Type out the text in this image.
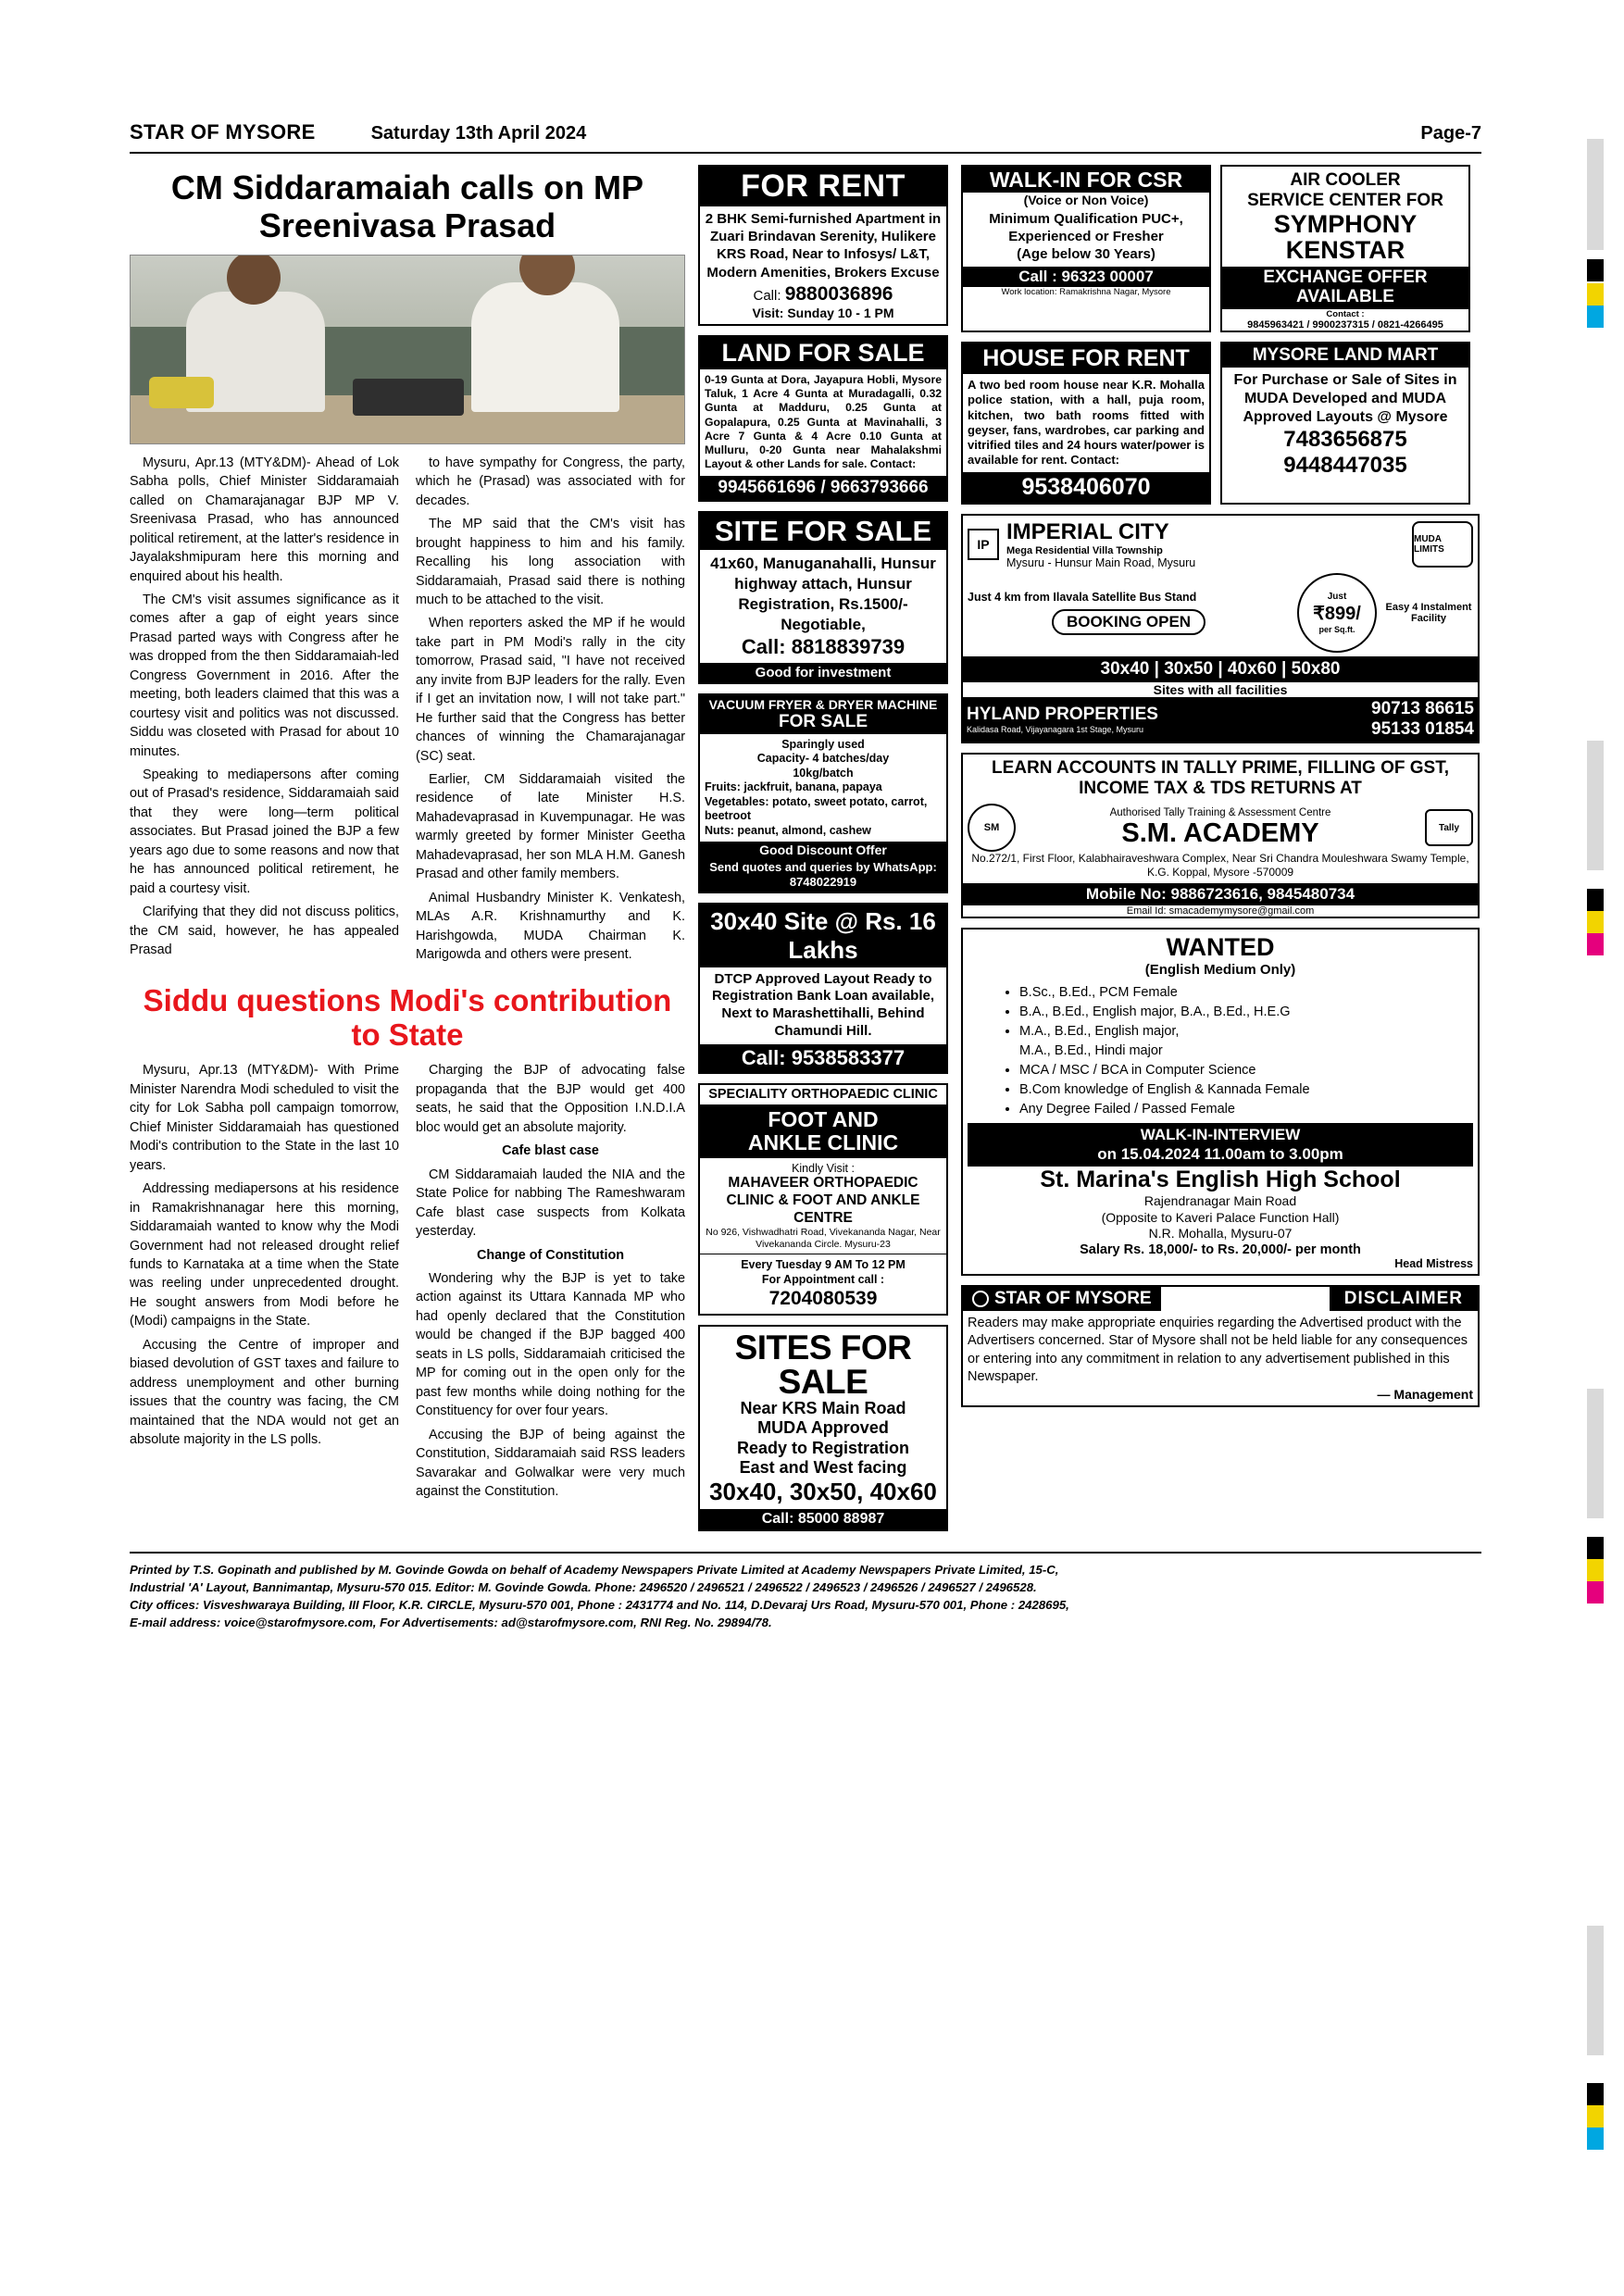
STAR OF MYSORE	Saturday 13th April 2024	Page-7
CM Siddaramaiah calls on MP Sreenivasa Prasad

Mysuru, Apr.13 (MTY&DM)- Ahead of Lok Sabha polls, Chief Minister Siddaramaiah called on Chamarajanagar BJP MP V. Sreenivasa Prasad, who has announced political retirement, at the latter's residence in Jayalakshmipuram here this morning and enquired about his health.

The CM's visit assumes significance as it comes after a gap of eight years since Prasad parted ways with Congress after he was dropped from the then Siddaramaiah-led Congress Government in 2016. After the meeting, both leaders claimed that this was a courtesy visit and politics was not discussed. Siddu was closeted with Prasad for about 10 minutes.

Speaking to mediapersons after coming out of Prasad's residence, Siddaramaiah said that they were long—term political associates. But Prasad joined the BJP a few years ago due to some reasons and now that he has announced political retirement, he paid a courtesy visit.

Clarifying that they did not discuss politics, the CM said, however, he has appealed Prasad

to have sympathy for Congress, the party, which he (Prasad) was associated with for decades.

The MP said that the CM's visit has brought happiness to him and his family. Recalling his long association with Siddaramaiah, Prasad said there is nothing much to be attached to the visit.

When reporters asked the MP if he would take part in PM Modi's rally in the city tomorrow, Prasad said, "I have not received any invite from BJP leaders for the rally. Even if I get an invitation now, I will not take part." He further said that the Congress has better chances of winning the Chamarajanagar (SC) seat.

Earlier, CM Siddaramaiah visited the residence of late Minister H.S. Mahadevaprasad in Kuvempunagar. He was warmly greeted by former Minister Geetha Mahadevaprasad, her son MLA H.M. Ganesh Prasad and other family members.

Animal Husbandry Minister K. Venkatesh, MLAs A.R. Krishnamurthy and K. Harishgowda, MUDA Chairman K. Marigowda and others were present.

Siddu questions Modi's contribution to State

Mysuru, Apr.13 (MTY&DM)- With Prime Minister Narendra Modi scheduled to visit the city for Lok Sabha poll campaign tomorrow, Chief Minister Siddaramaiah has questioned Modi's contribution to the State in the last 10 years.

Addressing mediapersons at his residence in Ramakrishnanagar here this morning, Siddaramaiah wanted to know why the Modi Government had not released drought relief funds to Karnataka at a time when the State was reeling under unprecedented drought. He sought answers from Modi before he (Modi) campaigns in the State.

Accusing the Centre of improper and biased devolution of GST taxes and failure to address unemployment and other burning issues that the country was facing, the CM maintained that the NDA would not get an absolute majority in the LS polls.

Charging the BJP of advocating false propaganda that the BJP would get 400 seats, he said that the Opposition I.N.D.I.A bloc would get an absolute majority.

Cafe blast case

CM Siddaramaiah lauded the NIA and the State Police for nabbing The Rameshwaram Cafe blast case suspects from Kolkata yesterday.

Change of Constitution

Wondering why the BJP is yet to take action against its Uttara Kannada MP who had openly declared that the Constitution would be changed if the BJP bagged 400 seats in LS polls, Siddaramaiah criticised the MP for coming out in the open only for the past few months while doing nothing for the Constituency for over four years.

Accusing the BJP of being against the Constitution, Siddaramaiah said RSS leaders Savarakar and Golwalkar were very much against the Constitution.

FOR RENT
2 BHK Semi-furnished Apartment in Zuari Brindavan Serenity, Hulikere KRS Road, Near to Infosys/ L&T, Modern Amenities, Brokers Excuse
Call: 9880036896
Visit: Sunday 10 - 1 PM
LAND FOR SALE
0-19 Gunta at Dora, Jayapura Hobli, Mysore Taluk, 1 Acre 4 Gunta at Muradagalli, 0.32 Gunta at Madduru, 0.25 Gunta at Gopalapura, 0.25 Gunta at Mavinahalli, 3 Acre 7 Gunta & 4 Acre 0.10 Gunta at Mulluru, 0-20 Gunta near Mahalakshmi Layout & other Lands for sale. Contact:
9945661696 / 9663793666
SITE FOR SALE
41x60, Manuganahalli, Hunsur highway attach, Hunsur Registration, Rs.1500/- Negotiable,
Call: 8818839739
Good for investment
VACUUM FRYER & DRYER MACHINE FOR SALE
Sparingly used
Capacity- 4 batches/day
10kg/batch
Fruits: jackfruit, banana, papaya
Vegetables: potato, sweet potato, carrot, beetroot
Nuts: peanut, almond, cashew
Good Discount Offer
Send quotes and queries by WhatsApp: 8748022919
30x40 Site @ Rs. 16 Lakhs
DTCP Approved Layout Ready to Registration Bank Loan available, Next to Marashettihalli, Behind Chamundi Hill.
Call: 9538583377
SPECIALITY ORTHOPAEDIC CLINIC
FOOT AND
ANKLE CLINIC
Kindly Visit :
MAHAVEER ORTHOPAEDIC CLINIC & FOOT AND ANKLE CENTRE
No 926, Vishwadhatri Road, Vivekananda Nagar, Near Vivekananda Circle. Mysuru-23
Every Tuesday 9 AM To 12 PM
For Appointment call :
7204080539
SITES FOR SALE
Near KRS Main Road
MUDA Approved
Ready to Registration
East and West facing
30x40, 30x50, 40x60
Call: 85000 88987
WALK-IN FOR CSR
(Voice or Non Voice)
Minimum Qualification PUC+, Experienced or Fresher
(Age below 30 Years)
Call : 96323 00007
Work location: Ramakrishna Nagar, Mysore
AIR COOLER
SERVICE CENTER FOR
SYMPHONY
KENSTAR
EXCHANGE OFFER
AVAILABLE
Contact :
9845963421 / 9900237315 / 0821-4266495
HOUSE FOR RENT
A two bed room house near K.R. Mohalla police station, with a hall, puja room, kitchen, two bath rooms fitted with geyser, fans, wardrobes, car parking and vitrified tiles and 24 hours water/power is available for rent. Contact:
9538406070
MYSORE LAND MART
For Purchase or Sale of Sites in MUDA Developed and MUDA Approved Layouts @ Mysore
7483656875
9448447035
IP IMPERIAL CITY
Mega Residential Villa Township
Mysuru - Hunsur Main Road, Mysuru
MUDA LIMITS
Just 4 km from Ilavala Satellite Bus Stand
BOOKING OPEN
Just
₹899/
per Sq.ft.
Easy 4 Instalment Facility
30x40 | 30x50 | 40x60 | 50x80
Sites with all facilities
HYLAND PROPERTIES
Kalidasa Road, Vijayanagara 1st Stage, Mysuru
90713 86615
95133 01854
LEARN ACCOUNTS IN TALLY PRIME, FILLING OF GST, INCOME TAX & TDS RETURNS AT
SM
Authorised Tally Training & Assessment Centre
S.M. ACADEMY	Tally
No.272/1, First Floor, Kalabhairaveshwara Complex, Near Sri Chandra Mouleshwara Swamy Temple, K.G. Koppal, Mysore -570009
Mobile No: 9886723616, 9845480734
Email Id: smacademymysore@gmail.com
WANTED
(English Medium Only)
• B.Sc., B.Ed., PCM Female
• B.A., B.Ed., English major, B.A., B.Ed., H.E.G
• M.A., B.Ed., English major,
M.A., B.Ed., Hindi major
• MCA / MSC / BCA in Computer Science
• B.Com knowledge of English & Kannada Female
• Any Degree Failed / Passed Female
WALK-IN-INTERVIEW
on 15.04.2024 11.00am to 3.00pm
St. Marina's English High School
Rajendranagar Main Road
(Opposite to Kaveri Palace Function Hall)
N.R. Mohalla, Mysuru-07
Salary Rs. 18,000/- to Rs. 20,000/- per month
Head Mistress
STAR OF MYSORE	DISCLAIMER
Readers may make appropriate enquiries regarding the Advertised product with the Advertisers concerned. Star of Mysore shall not be held liable for any consequences or entering into any commitment in relation to any advertisement published in this Newspaper.
— Management
Printed by T.S. Gopinath and published by M. Govinde Gowda on behalf of Academy Newspapers Private Limited at Academy Newspapers Private Limited, 15-C,
Industrial 'A' Layout, Bannimantap, Mysuru-570 015. Editor: M. Govinde Gowda. Phone: 2496520 / 2496521 / 2496522 / 2496523 / 2496526 / 2496527 / 2496528.
City offices: Visveshwaraya Building, III Floor, K.R. CIRCLE, Mysuru-570 001, Phone : 2431774 and No. 114, D.Devaraj Urs Road, Mysuru-570 001, Phone : 2428695,
E-mail address: voice@starofmysore.com, For Advertisements: ad@starofmysore.com, RNI Reg. No. 29894/78.
